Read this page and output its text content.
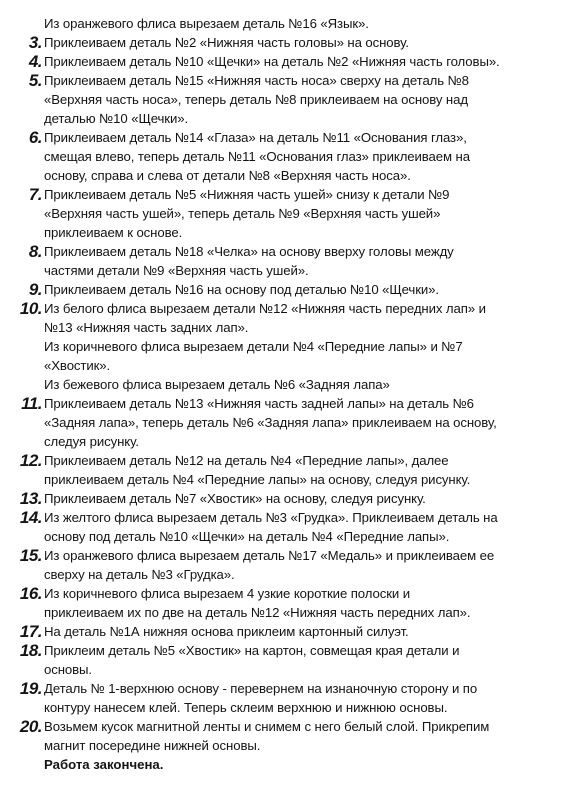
Из оранжевого флиса вырезаем деталь №16 «Язык».
3. Приклеиваем деталь №2 «Нижняя часть головы» на основу.
4. Приклеиваем деталь №10 «Щечки» на деталь №2 «Нижняя часть головы».
5. Приклеиваем деталь №15 «Нижняя часть носа» сверху на деталь №8
«Верхняя часть носа», теперь деталь №8 приклеиваем на основу над
деталью №10 «Щечки».
6. Приклеиваем деталь №14 «Глаза» на деталь №11 «Основания глаз»,
смещая влево, теперь деталь №11 «Основания глаз» приклеиваем на
основу, справа и слева от детали №8 «Верхняя часть носа».
7. Приклеиваем деталь №5 «Нижняя часть ушей» снизу к детали №9
«Верхняя часть ушей», теперь деталь №9 «Верхняя часть ушей»
приклеиваем к основе.
8. Приклеиваем деталь №18 «Челка» на основу вверху головы между
частями детали №9 «Верхняя часть ушей».
9. Приклеиваем деталь №16 на основу под деталью №10 «Щечки».
10. Из белого флиса вырезаем детали №12 «Нижняя часть передних лап» и
№13 «Нижняя часть задних лап».
Из коричневого флиса вырезаем детали №4 «Передние лапы» и №7
«Хвостик».
Из бежевого флиса вырезаем деталь №6 «Задняя лапа»
11. Приклеиваем деталь №13 «Нижняя часть задней лапы» на деталь №6
«Задняя лапа», теперь деталь №6 «Задняя лапа» приклеиваем на основу,
следуя рисунку.
12. Приклеиваем деталь №12 на деталь №4 «Передние лапы», далее
приклеиваем деталь №4 «Передние лапы» на основу, следуя рисунку.
13. Приклеиваем деталь №7 «Хвостик» на основу, следуя рисунку.
14. Из желтого флиса вырезаем деталь №3 «Грудка». Приклеиваем деталь на
основу под деталь №10 «Щечки» на деталь №4 «Передние лапы».
15. Из оранжевого флиса вырезаем деталь №17 «Медаль» и приклеиваем ее
сверху на деталь №3 «Грудка».
16. Из коричневого флиса вырезаем 4 узкие короткие полоски и
приклеиваем их по две на деталь №12 «Нижняя часть передних лап».
17. На деталь №1А нижняя основа приклеим картонный силуэт.
18. Приклеим деталь №5 «Хвостик» на картон, совмещая края детали и
основы.
19. Деталь № 1-верхнюю основу - перевернем на изнаночную сторону и по
контуру нанесем клей. Теперь склеим верхнюю и нижнюю основы.
20. Возьмем кусок магнитной ленты и снимем с него белый слой. Прикрепим
магнит посередине нижней основы.
Работа закончена.
